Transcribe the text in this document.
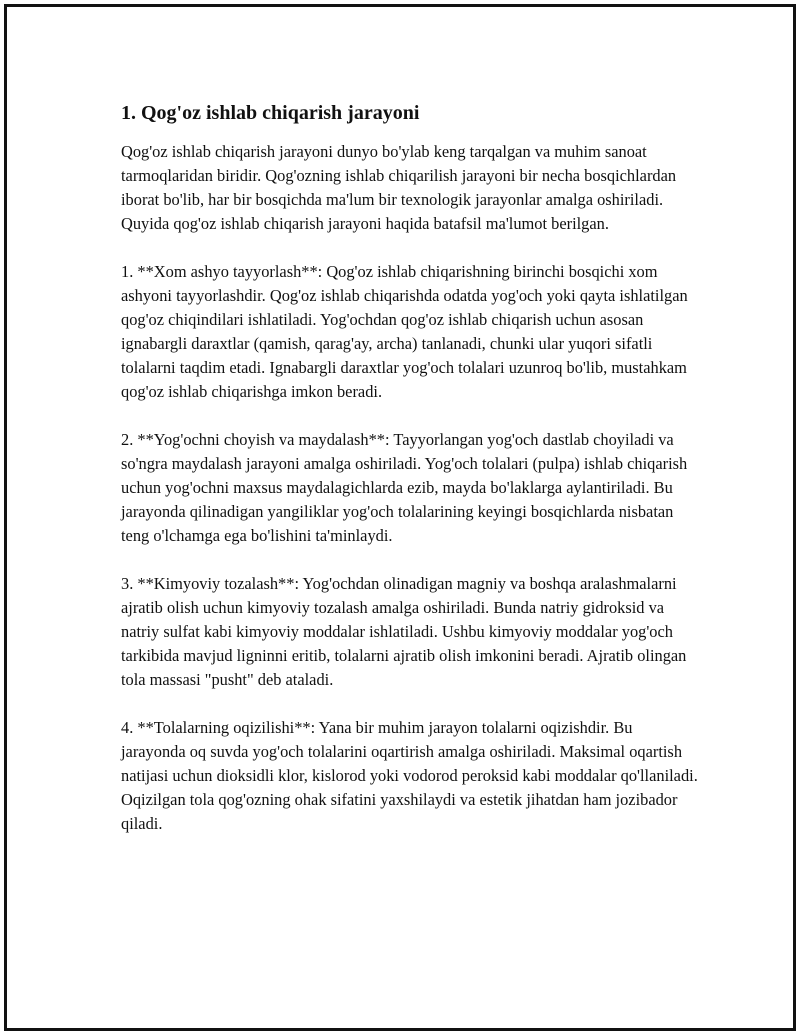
1. Qog'oz ishlab chiqarish jarayoni

Qog'oz ishlab chiqarish jarayoni dunyo bo'ylab keng tarqalgan va muhim sanoat tarmoqlaridan biridir. Qog'ozning ishlab chiqarilish jarayoni bir necha bosqichlardan iborat bo'lib, har bir bosqichda ma'lum bir texnologik jarayonlar amalga oshiriladi. Quyida qog'oz ishlab chiqarish jarayoni haqida batafsil ma'lumot berilgan.

1. **Xom ashyo tayyorlash**: Qog'oz ishlab chiqarishning birinchi bosqichi xom ashyoni tayyorlashdir. Qog'oz ishlab chiqarishda odatda yog'och yoki qayta ishlatilgan qog'oz chiqindilari ishlatiladi. Yog'ochdan qog'oz ishlab chiqarish uchun asosan ignabargli daraxtlar (qamish, qarag'ay, archa) tanlanadi, chunki ular yuqori sifatli tolalarni taqdim etadi. Ignabargli daraxtlar yog'och tolalari uzunroq bo'lib, mustahkam qog'oz ishlab chiqarishga imkon beradi.

2. **Yog'ochni choyish va maydalash**: Tayyorlangan yog'och dastlab choyiladi va so'ngra maydalash jarayoni amalga oshiriladi. Yog'och tolalari (pulpa) ishlab chiqarish uchun yog'ochni maxsus maydalagichlarda ezib, mayda bo'laklarga aylantiriladi. Bu jarayonda qilinadigan yangiliklar yog'och tolalarining keyingi bosqichlarda nisbatan teng o'lchamga ega bo'lishini ta'minlaydi.

3. **Kimyoviy tozalash**: Yog'ochdan olinadigan magniy va boshqa aralashmalarni ajratib olish uchun kimyoviy tozalash amalga oshiriladi. Bunda natriy gidroksid va natriy sulfat kabi kimyoviy moddalar ishlatiladi. Ushbu kimyoviy moddalar yog'och tarkibida mavjud ligninni eritib, tolalarni ajratib olish imkonini beradi. Ajratib olingan tola massasi "pusht" deb ataladi.

4. **Tolalarning oqizilishi**: Yana bir muhim jarayon tolalarni oqizishdir. Bu jarayonda oq suvda yog'och tolalarini oqartirish amalga oshiriladi. Maksimal oqartish natijasi uchun dioksidli klor, kislorod yoki vodorod peroksid kabi moddalar qo'llaniladi. Oqizilgan tola qog'ozning ohak sifatini yaxshilaydi va estetik jihatdan ham jozibador qiladi.
